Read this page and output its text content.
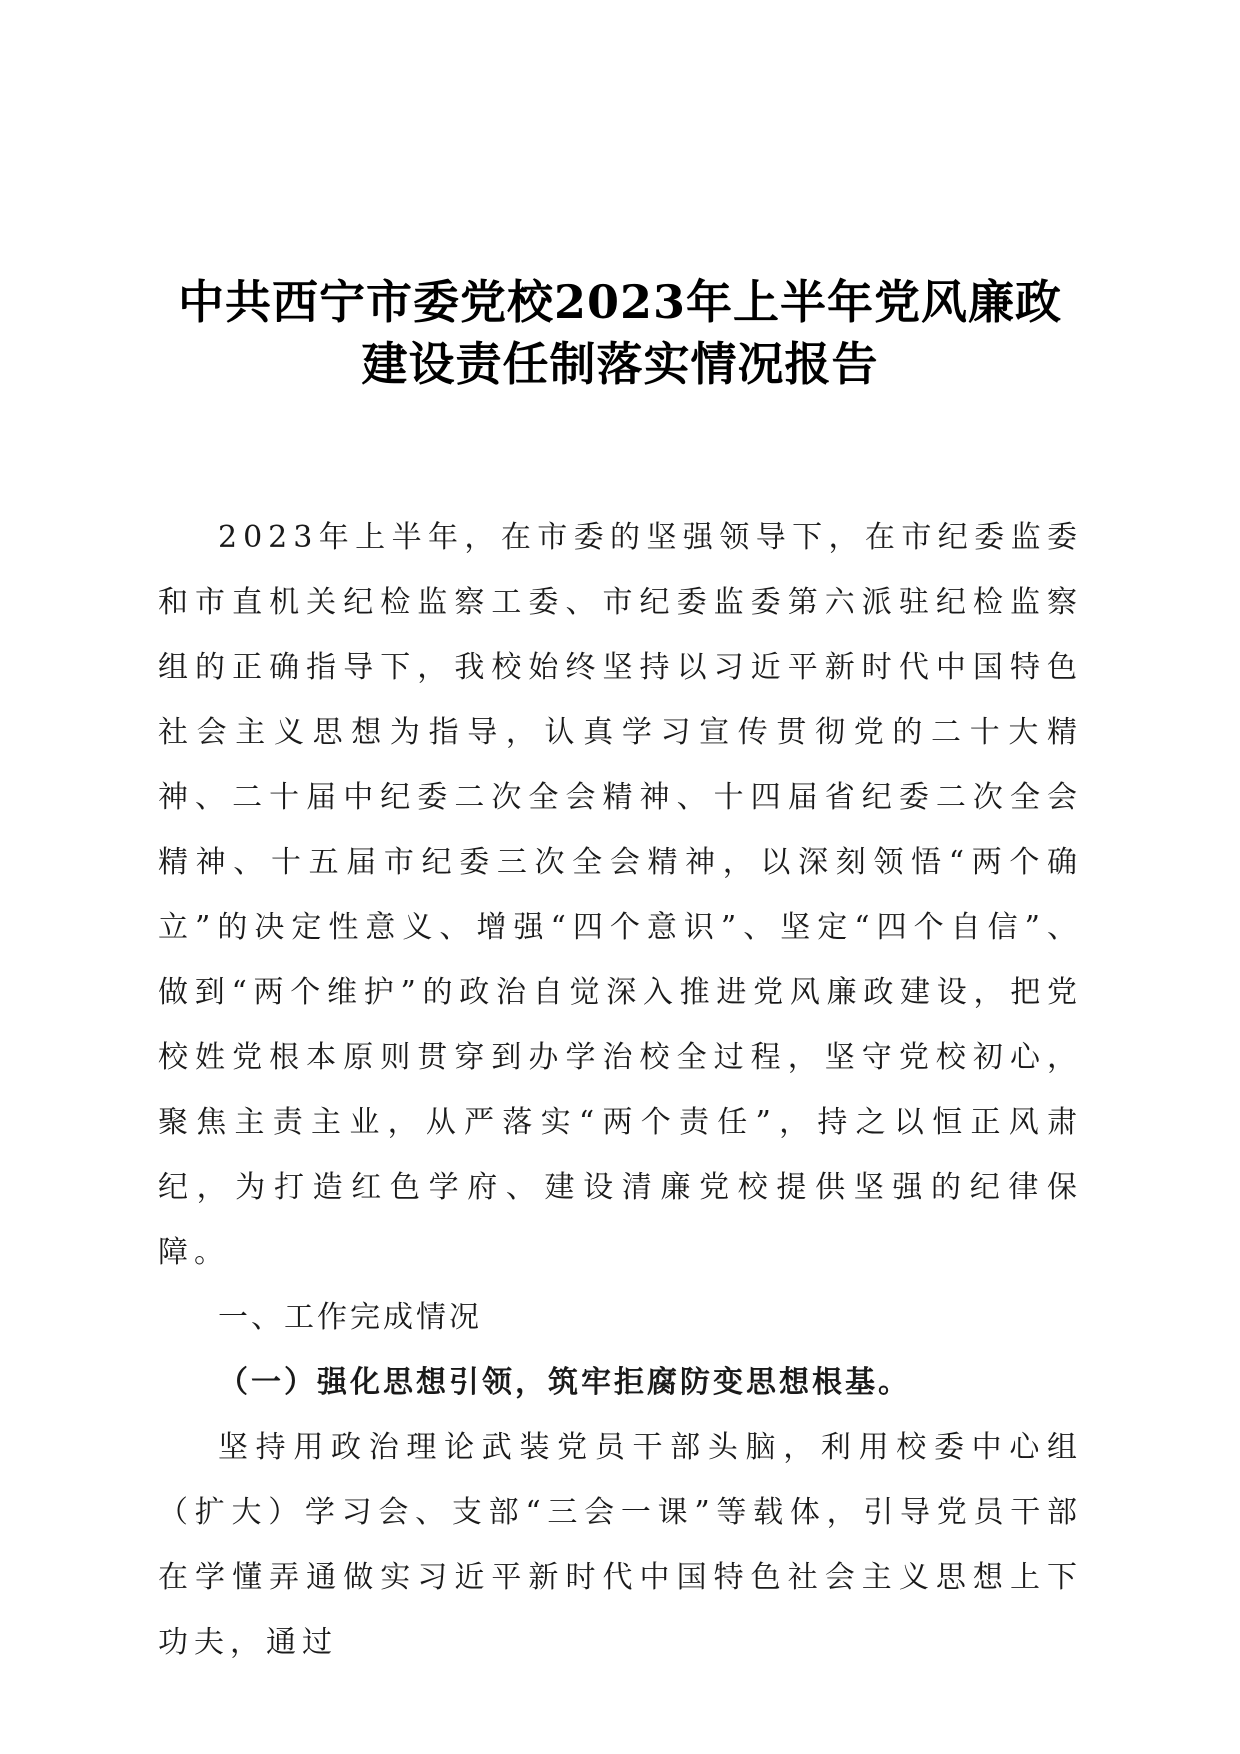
中共西宁市委党校2023年上半年党风廉政
建设责任制落实情况报告

2023年上半年，在市委的坚强领导下，在市纪委监委和市直机关纪检监察工委、市纪委监委第六派驻纪检监察组的正确指导下，我校始终坚持以习近平新时代中国特色社会主义思想为指导，认真学习宣传贯彻党的二十大精神、二十届中纪委二次全会精神、十四届省纪委二次全会精神、十五届市纪委三次全会精神，以深刻领悟“两个确立”的决定性意义、增强“四个意识”、坚定“四个自信”、做到“两个维护”的政治自觉深入推进党风廉政建设，把党校姓党根本原则贯穿到办学治校全过程，坚守党校初心，聚焦主责主业，从严落实“两个责任”，持之以恒正风肃纪，为打造红色学府、建设清廉党校提供坚强的纪律保障。

一、工作完成情况

（一）强化思想引领，筑牢拒腐防变思想根基。

坚持用政治理论武装党员干部头脑，利用校委中心组（扩大）学习会、支部“三会一课”等载体，引导党员干部在学懂弄通做实习近平新时代中国特色社会主义思想上下功夫，通过
